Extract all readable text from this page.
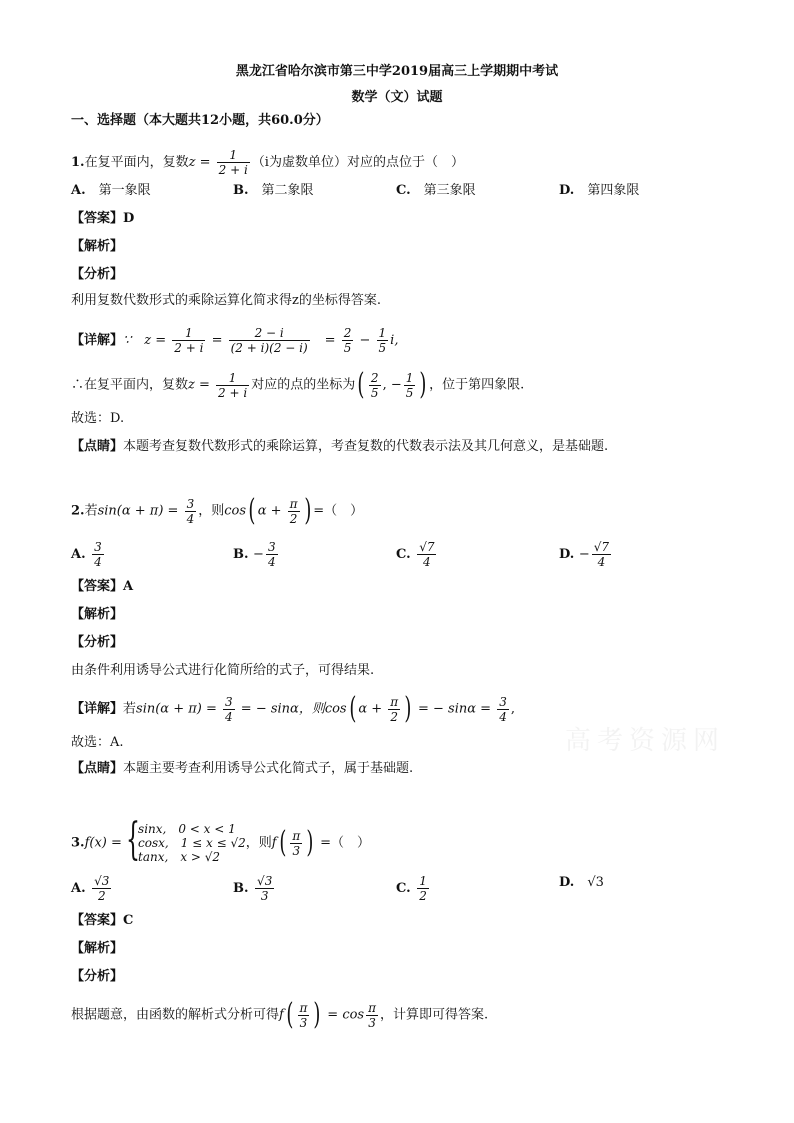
黑龙江省哈尔滨市第三中学2019届高三上学期期中考试
数学（文）试题
一、选择题（本大题共12小题，共60.0分）
1.在复平面内，复数$z = \frac{1}{2 + i} (i$为虚数单位）对应的点位于（　）
A.　 第一象限	B.　 第二象限	C.　 第三象限	D.　 第四象限
【答案】D
【解析】
【分析】
利用复数代数形式的乘除运算化简求得z的坐标得答案.
【详解】∵　$z = \frac{1}{2 + i} = \frac{2 - i}{(2 + i)(2 - i)}$ 　= $\frac{2}{5} - \frac{1}{5} i$,
∴在复平面内，复数$z = \frac{1}{2 + i}$ 对应的点的坐标为( $\frac{2}{5}$ , − $\frac{1}{5}$ ) ，位于第四象限.
故选：D.
【点睛】本题考查复数代数形式的乘除运算，考查复数的代数表示法及其几何意义，是基础题.
2.若$\sin(\alpha + \pi) = \frac{3}{4}$ ，则cos( $\alpha + \frac{\pi}{2}$ ) =（　）
A. $\frac{3}{4}$	B. − $\frac{3}{4}$	C. $\frac{√7}{4}$	D. − $\frac{√7}{4}$
【答案】A
【解析】
【分析】
由条件利用诱导公式进行化简所给的式子，可得结果.
【详解】若$\sin(\alpha + \pi) = \frac{3}{4}$ = − sinα，则cos( $\alpha + \frac{\pi}{2}$ ) = − $\sin\alpha = \frac{3}{4}$ ,
故选：A.
【点睛】本题主要考查利用诱导公式化简式子，属于基础题.
高考资源网
3.f(x) = {
sinx,　0 < x < 1
cosx,　1 ≤ x ≤ √2
tanx,　x > √2
，则$f( \frac{\pi}{3}$ ) =（　）
A. $\frac{√3}{2}$	B. $\frac{√3}{3}$	C. $\frac{1}{2}$	D.　 √3
【答案】C
【解析】
【分析】
根据题意，由函数的解析式分析可得$f( \frac{\pi}{3}$ ) = $\cos \frac{\pi}{3}$ ，计算即可得答案.
